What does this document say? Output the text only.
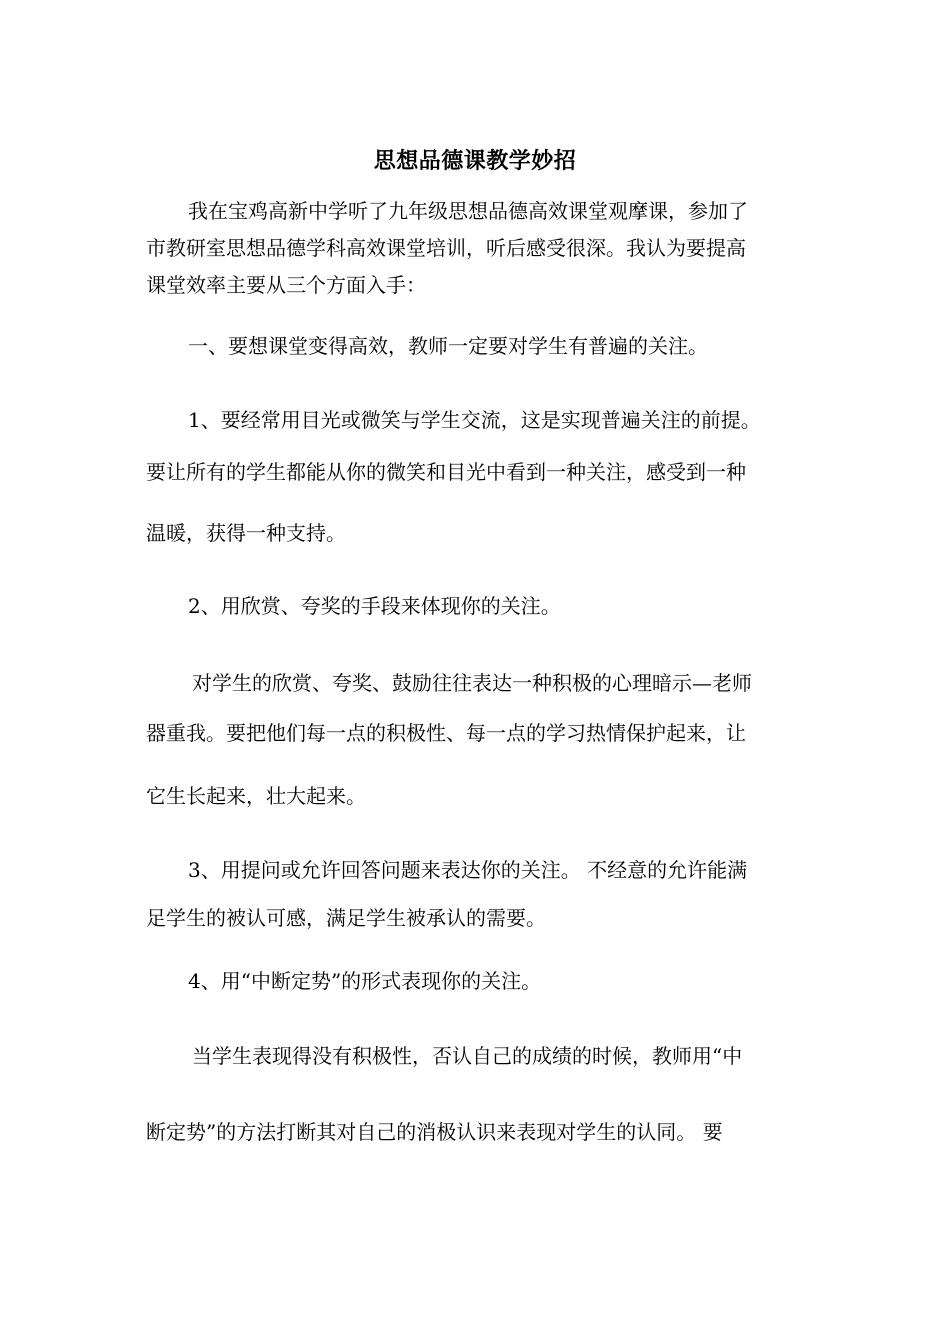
思想品德课教学妙招
我在宝鸡高新中学听了九年级思想品德高效课堂观摩课，参加了
市教研室思想品德学科高效课堂培训，听后感受很深。我认为要提高
课堂效率主要从三个方面入手：
一、要想课堂变得高效，教师一定要对学生有普遍的关注。
1、要经常用目光或微笑与学生交流，这是实现普遍关注的前提。
要让所有的学生都能从你的微笑和目光中看到一种关注，感受到一种
温暖，获得一种支持。
2、用欣赏、夸奖的手段来体现你的关注。
对学生的欣赏、夸奖、鼓励往往表达一种积极的心理暗示—老师
器重我。要把他们每一点的积极性、每一点的学习热情保护起来，让
它生长起来，壮大起来。
3、用提问或允许回答问题来表达你的关注。 不经意的允许能满
足学生的被认可感，满足学生被承认的需要。
4、用“中断定势”的形式表现你的关注。
当学生表现得没有积极性，否认自己的成绩的时候，教师用“中
断定势”的方法打断其对自己的消极认识来表现对学生的认同。 要
